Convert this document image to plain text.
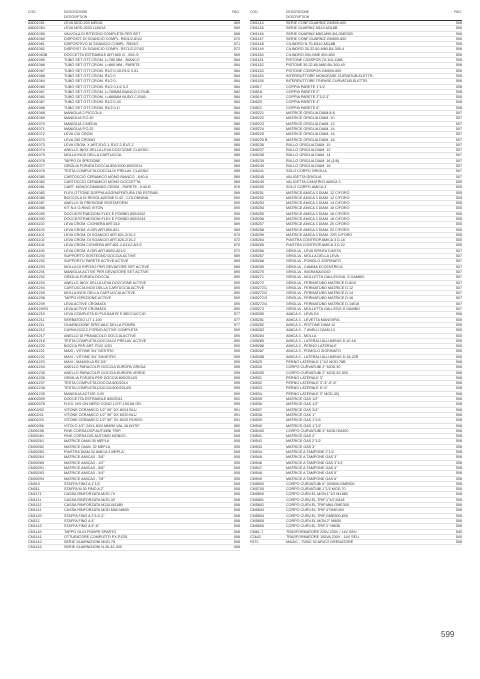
COD.	DESCRIZIONE
DESCRIPTION
PAG.
A8001051	LEVA MOD.200 MEDIA	569
A8001054	LEVA MOD.2003 LUNGA	569
A8001056	VALVOLA DI RITEGNO COMPLETA PER SET	568
A8001060	DISPOSIT. DI SGANCIO COMPL. R501/2-8/1/2	570
A8001061	DISPOSITIVO DI SGANCIO COMPL. R503/2	571
A8001062	DISPOSIT. DI SGANCIO COMPL. R371/2-2/74/2	572
A8001063B	DOCCETTA ESTRAIBILE ART.650 /2 - 653 /2	569
A8001065	TUBO SET OTT.CROM. L=780 MM - BIANCO	584
A8001066	TUBO SET OTT.CROM. L=860 MM - PARETE	584
A8001067	TUBO SET OTT.CROM. R1/2 0-30-R1/2 0-51	584
A8001068	TUBO SET OTT.CROM. R1/2 0	584
A8001064	TUBO SET OTT.CROM. R1/2 0-	584
A8001065	TUBO SET OTT.CROM. R1/2 0-1/2 0-2	584
A8001067	TUBO SET OTT.CROM. L=780MM-BIANCO C.RUB.	582
A8001060	TUBO SET OTT.CROM. L=860MM-NUDO C.RUB.	584
A8001067	TUBO SET OTT.CROM. R1/2 0-30	584
A8001068	TUBO SET OTT.CROM. R1/2 0-1/	584
A8001068	MANIGLIA 2 PICCOLA	584
A8001069	MANIGLIA P.O.30	584
A8001070	MANIGLIA 2 MEDIA	580
A8001071	MANIGLIA P.O.32	580
A8001072	LEVA CUI CROM.	585
A8001073	LEVA 250 CROMO	585
A8001073	LEVA CROM. X ART.R1/2 1-R1/2 2-R1/2 2	585
A8001074	ANELLO INOX DELLA LEVA DOCCIONE CLASSIC	585
A8001075	MOLLA INOX DELLA CARTUCCIA	585
A8001076	TAPPO DI SPEZIONE	569
A8001077	GRIGLIA FORATA DOCCIA 800/1000-800/2014	585
A8001078	TESTA COMPLETA DOCCIA DI PRELAV. CLASSIC	585
A8001080	CARTOCCIO CERAMICO MONO BIANCO - K40-A	589
A8001082	CARTOCCIO CERAMICO MONO DOCCETTA	585
A8001081	CART. MONOCOMANDO CEDIM - PARETE - K40-B	576
A8001083	FLEX OTTONE DOPPIA AGGRAFFATURA 150 ESTRAB	569
A8001085	BOCCOLA DI REGOLAZIONE D.42 - COLONNINA	590
A8001087	ANELLO DI PRESIONE ROSTAFORM	590
A8001088	KIT N.4 O-RING VITON	590
A8001090	DOCCE/STRAEZIONI FLEX E POMBO 800/2042	590
A8001092	DOCCE/STRAEZIONI FLEX E POMBO 800/2044	590
A8001102	LEVA CROM. C/GHIERA ART.610	569
A8001103	LEVA CROM. A GIR.ART.850-821	569
A8001101	LEVA CROM. DI SGANCIO ART.821-2/10-2	570
A8001102	LEVA CROM. DI SGANCIO ART.825-2/10-2	572
A8001104	LEVA CROM.C/GHIERA ART.801-2-811/2-8/1/2	570
A8001105	LEVA CROM. A GIR.ART.800/2-821/2	572
A8001200	SUPPORTO SOSTEGNO DOCCIA ACTIVE	569
A8001202	SUPPORTO PARETE ACTIVE ACTIVE	569
A8001203	MOLLA DI RIPOSO PER DEVIATORE SET ACTIVE	569
A8001201	MANIGLIA ACTIVE PER DEVIATORE SET ACTIVE	590
A8001202	GRIGLIA FORATA DOCCIA	590
A8001203	ANELLO INOX DELLA LEVA DOCCIONE ACTIVE	590
A8001204	CARTUCCIA INOX DELLA CARTUCCIA ACTIVE	590
A8001205	MOLLA INOX DELLA CARTUCCIA ACTIVE	590
A8001206	TAPPO ISPEZIONE ACTIVE	590
A8001209	LEVA ACTIVE CROMATA	590
A8001209/3	LEVA ACTIVE CROMATA	590
A8001210	LEVA COMPLETA DI PULSANTE E BECCUCCIO	577
A8001211	SERBATOIO LIT 1.100	577
A8001211	GUARNIZIONE SPECIALE DELLA POMPA	577
A8001212	CURVA DOCC.FORNO ACTIVE COMPLETA	590
A8001217	ANELLO DI PRAVACOLO DOCCIA ACTIVE	590
A8001218	TESTA COMPLETA DOCCIA DI PRELAV. ACTIVE	590
A8001220	BOCCA PER ART. R1/2 1/2D	590
A8001221	MAXI - VITONE 3/4" DESTRO	590
A8001222	MAXI - VITONE 3/4" SINISTRO	590
A8001223	MAXI - MANIGLIA R3 3/4"	590
A8001234	ANELLO PARACOLPI DOCCIA EUROPA GRIGIA	595
A8001235	ANELLO PARACOLPI DOCCIA EUROPA VERDE	595
A8001236	GRIGLIA FORATA PER DOCCIA 800/2014/5	595
A8001237	TESTA COMPLETA DOCCIA 800/2014	595
A8001238	TESTA COMPLETA DOCCIA 800/2014/5	595
A8001239	MANIGLIA ACTIVE 3.00	590
A8002009	DOCCETTA ESTRAIBILE 800/2041	592
A8002076	FLEX. NYLON NERO CONO 1/2"F-15X1M GR.	595
A8002/52	VITONE CERAMICO 1/2" 90° DX 8X24 BLU	591
A8002/21	VITONE CERAMICO 1/2" 90° DX 8X20 BLU	591
A8002/20	VITONE CERAMICO 1/2" 90° SX 8X20 ROSSO	591
A8002/56	VITOLO 1/2" 24X1-8/24 MM/50 VAL.16 ANTIF.	580
CM00156	FINE CORSA DSP.AUT.MINI TRIP.	505
CM00161	FINE CORSA DIS.AUTOMO MONOC.	505
CM00261	MATRICE DIAM.35 MEPLA	505
CM00262	MATRICE DIAM. 32 MEPLA	505
CM00263	PIASTRA DIAM.32 AMICA 3 MEPLA	505
CM00264	MATRICE AMICA3 - 3/8"	505
CM00265	MATRICE AMICA3 - 1/2"	505
CM00291	MATRICE AMICA3 - 5/8"	505
CM00293	MATRICE AMICA3 - 3/4"	505
CM00294	MATRICE AMICA3 - 7/8"	505
CM010	STAFFA FINO A 1"1/2	505
CM011	STAFFA M.30 FINO A 2"	505
CM1171	CASSA RINFORZATA MOD.70	506
CM1111	CASSA RINFORZATA MOD.30	506
CM1112	CASSA RINFORZATA M110-M118B	506
CM1113	CASSA RINFORZATA MOD.M60-M80B	506
CM1120	STAFFA FINO A 2"1/2-3"	506
CM112	STAFFA FINO A 4"	506
CM1143	STAFFA FINO A 5"-6"	506
CM1140	TAPPO OLIO POMPE SPARTO	506
CM1141	OTTURATORE COMPLETO PX-P12B	506
CM1142	SERIE GUARNIZIONI MOD.78	506
CM1143	SERIE GUARNIZIONI N.30-32-300	506
COD.	DESCRIZIONE
DESCRIPTION
PAG.
CM1144	SERIE CONF.GUARNIZ.GM500-600	506
CM1145	SERIE GUARNIZ.M110-M118B	506
CM1146	SERIE GUARNIZ.M80-M90-B4-GME300	506
CM1147	SERIE CONF.GUARNIZ.GM500-600	506
CM1148	CILINDRO N.70-M110-M118B	506
CM1149	CILINDRO 30-32-50-M80-B4-300-4	506
CM1150	CILINDRO GM-GME 500-600	506
CM1151	PISTONE C/DISPOS.70-110-118B	506
CM1152	PISTONE 30-32-80-M80-B4-300-40	506
CM1153	PISTONE C/DISPOS.GM500-600	506
CM1154	INTERRUTTORE MONOFASE CURVATUB.ELETTR.	506
CM1155	INTERRUTTORE TRIFASE CURVATUB.ELETTR.	506
CM517	COPPIA PARETE 1"1/2	508
CM518	COPPIA PARETE 2"	508
CM519	COPPIA PARETE 2"1/2-3"	508
CM520	COPPIA PARETE 4"	508
CM521	COPPIA PARETE 6"	508
CM5221	MATRICE GRIGLIA DIAM.8-8	507
CM5222	MATRICE GRIGLIA DIAM. 10	507
CM5223	MATRICE GRIGLIA DIAM. 12	507
CM5224	MATRICE GRIGLIA DIAM. 14	507
CM5225	MATRICE GRIGLIA DIAM. 16	507
CM5225 B	MATRICE GRIGLIA DIAM. 16	507
CM5236	RULLO GRIGLIA DIAM. 10	507
CM5237	RULLO GRIGLIA DIAM. 12	507
CM5238	RULLO GRIGLIA DIAM. 14	507
CM5239	RULLO GRIGLIA DIAM. 16 (1/8)	507
CM5240	RULLO GRIGLIA DIAM. 16	507
CM5241	SOLO CORPO GRIGLIA	507
CM5245	VALIGETTA GRIGLIA	507
CM5249	VALIGETTA C/MATRICI AMICA 3	505
CM5250	SOLO CORPO AMICA 3	505
CM5251	MATRICE AMICA 3 DIAM. 12 C/FORO	505
CM5252	MATRICE AMICA 3 DIAM. 12 C/FORO	505
CM5253	MATRICE AMICA 3 DIAM. 14 C/FORO	505
CM5254	MATRICE AMICA 3 DIAM. 16 C/FORO	505
CM5255	MATRICE AMICA 3 DIAM. 18 C/FORO	505
CM5256	MATRICE AMICA 3 DIAM. 18 C/FORO	505
CM5257	MATRICE AMICA 3 DIAM. 20 C/FORO	505
CM5258	MATRICE AMICA 3 DIAM. 22 C/FORO	505
CM5259	MATRICE AMICA 3 DIAM. 22R C/FORO	505
CM5264	PIASTRA CONTROP.AMICA 3 D.16	505
CM5265	PIASTRA CONTROP.AMICA 3 D.22	505
CM5266	GRIGLIA - LEVA SPINTA C/ASTA	507
CM5267	GRIGLIA - MOLLA DELLA LEVA	507
CM5268	GRIGLIA - POMOLO ZIGRINATO	507
CM5269	GRIGLIA - CAMMA ECCENTRICA	507
CM5270	GRIGLIA - INGRANAGGIO	507
CM5271	GRIGLIA - MOLLETTA GALLEGGIA. S GAMBO	507
CM5272	GRIGLIA - FERMATUBO MATRICE D.8/10	507
CM5272/1	GRIGLIA - FERMATUBO MATRICE D.12	507
CM5272/2	GRIGLIA - FERMATUBO MATRICE D.14	507
CM5272/3	GRIGLIA - FERMATUBO MATRICE D.16	507
CM5272/4	GRIGLIA - FERMATUBO MATRICE D.1/8/16	507
CM5273	GRIGLIA - MOLLETTA GALLEGG.S GAMBO	507
CM5280	AMICA 3 - LEVA DX	506
CM5281	AMICA 3 - LEVETTA MANOVRA	505
CM5282	AMICA 3 - PISTONE DIAM.12	505
CM5283	AMICA 3 - 7 ANELLI DIAM.12	505
CM5284	AMICA 3 - MOLLA	505
CM5285	AMICA 3 - LATERALI ALLUMINIO D.10-16	505
CM5286	AMICA 3 - PERNO LATERALE	505
CM5287	AMICA 3 - POMOLO ZIGRINATO	505
CM5288	AMICA 3 - LATERALI ALLUMINIO D.18-22R	505
CM529	PERNO LATERALE 1"1/2 MOD.78B	508
CM530	CORPO CURVATUBI 2" MOD.30	508
CM5300	CORPO CURVATUBI 2" MOD.30-300	508
CM531	PERNO LATERALE 3"	508
CM532	PERNO LATERALE 3"-4"-5"-6"	508
CM533	PERNO LATERALE 5"-6"	508
CM534	PERNO LATERALE 3" MOD.30)	508
CM535	MATRICE GAS 1/2"	508
CM536	MATRICE GAS 1/2"	508
CM537	MATRICE GAS 3/4"	508
CM538	MATRICE GAS 1"	508
CM539	MATRICE GAS 1"1/4	508
CM540	MATRICE GAS 1"1/2	508
CM5400	CORPO CURVATUBI 4" MOD.GM400	506
CM541	MATRICE GAS 2"	508
CM542	MATRICE GAS 2"1/2	508
CM543	MATRICE GAS 3"	508
CM544	MATRICE A TAMPONE 2"1/2	508
CM545	MATRICE A TAMPONE GAS 3"	508
CM546	MATRICE A TAMPONE GAS 3"1/2	508
CM547	MATRICE A TAMPONE GAS 4"	508
CM548	MATRICE A TAMPONE GAS 5"	508
CM549	MATRICE A TAMPONE GAS 6"	508
CM5600	CORPO CURVATUBI 6" GM500-GME500	506
CM5700	CORPO CURVATUBI 1"1/2 MOD.70	508
CM5800	CORPO CURV.EL.MON.1"1/2 M118B	508
CM5801	CORPO CURV.EL.TRIF.1"1/2 M118	506
CM5802	CORPO CURV.EL.TRIF.M84-GME300	506
CM5803	CORPO CURV.EL.TRIF.4"GME400	506
CM5804	CORPO CURV.EL.TRIF.GME500-600	506
CM5805	CORPO CURV.EL.MON.2" M80B	506
CM5806	CORPO CURV.EL.TRIF.2" M80B	506
CM61-7	TRASFORMATORE 220V-230V / 14V SEU	540
C2642	TRASFORMATORE 100VA 230V - 14V SEU	540
F672	MAGIC - TUBO SCARICO DRENATORE	506
599
